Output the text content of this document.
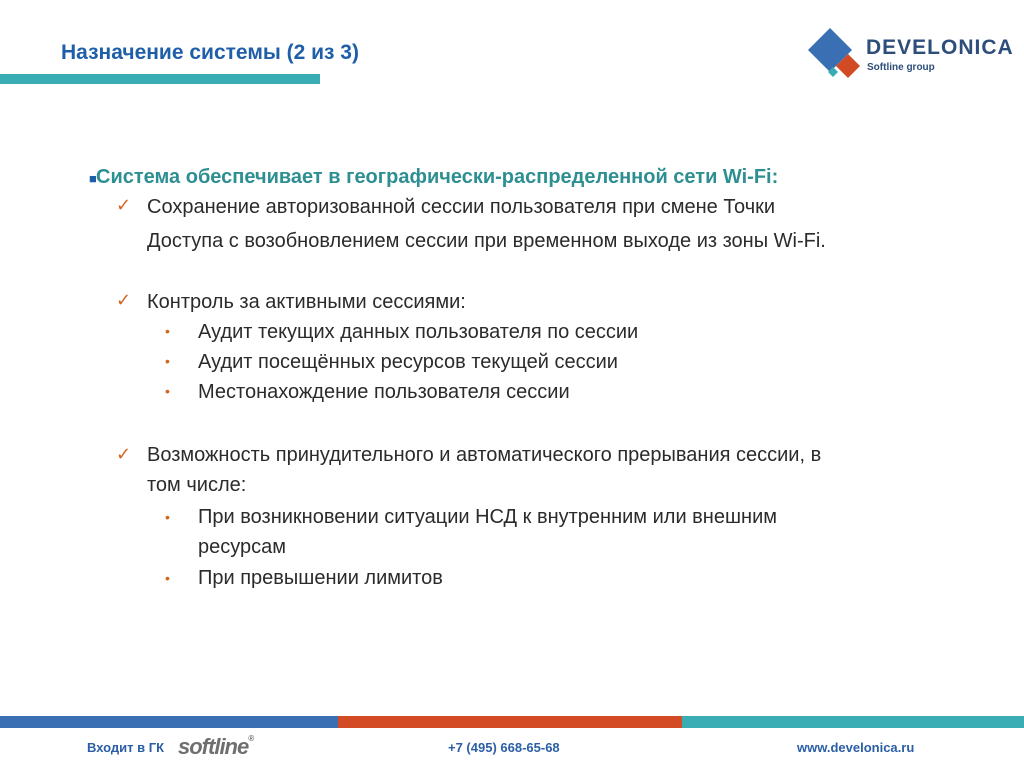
Назначение системы (2 из 3)	DEVELONICA
Softline group
■ Система обеспечивает в географически-распределенной сети Wi-Fi:
✓ Сохранение авторизованной сессии пользователя при смене Точки
Доступа с возобновлением сессии при временном выходе из зоны Wi-Fi.
✓ Контроль за активными сессиями:
• Аудит текущих данных пользователя по сессии
• Аудит посещённых ресурсов текущей сессии
• Местонахождение пользователя сессии
✓ Возможность принудительного и автоматического прерывания сессии, в
том числе:
• При возникновении ситуации НСД к внутренним или внешним
ресурсам
• При превышении лимитов
Входит в ГК softline®
+7 (495) 668-65-68	www.develonica.ru
